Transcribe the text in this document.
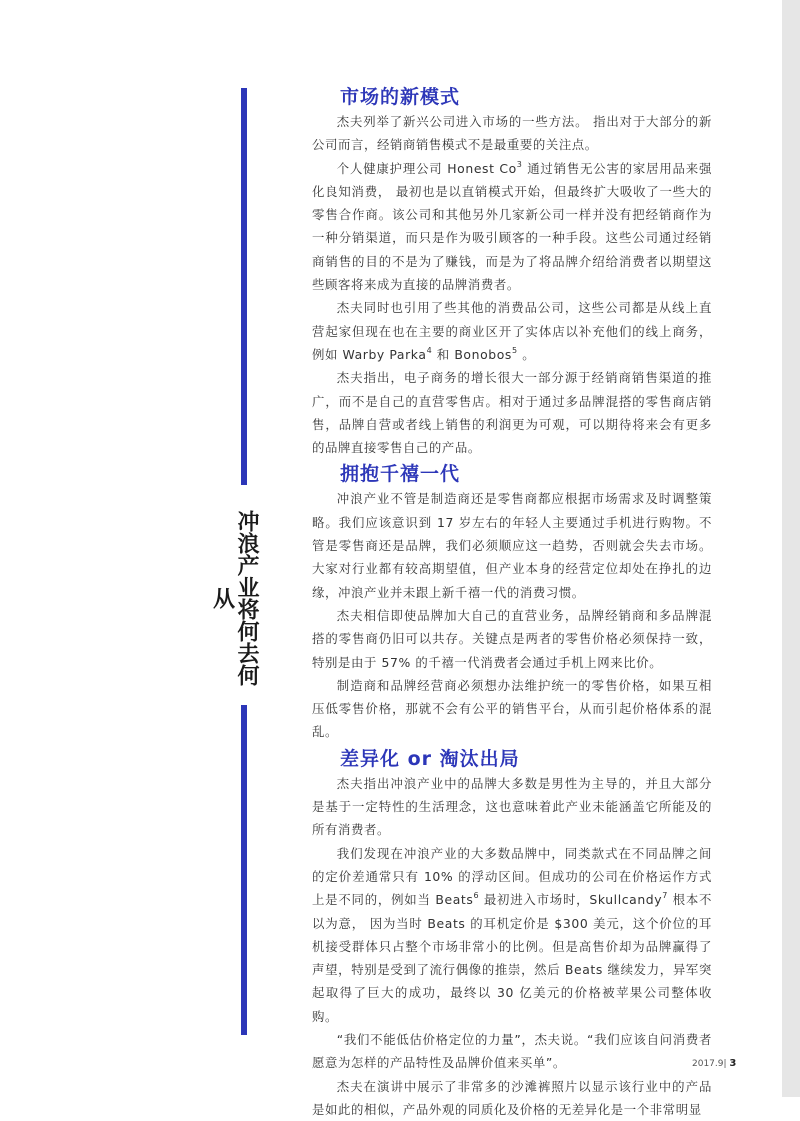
冲浪产业将何去何从
市场的新模式

杰夫列举了新兴公司进入市场的一些方法。 指出对于大部分的新公司而言，经销商销售模式不是最重要的关注点。

个人健康护理公司 Honest Co$^3$ 通过销售无公害的家居用品来强化良知消费， 最初也是以直销模式开始，但最终扩大吸收了一些大的零售合作商。该公司和其他另外几家新公司一样并没有把经销商作为一种分销渠道，而只是作为吸引顾客的一种手段。这些公司通过经销商销售的目的不是为了赚钱，而是为了将品牌介绍给消费者以期望这些顾客将来成为直接的品牌消费者。

杰夫同时也引用了些其他的消费品公司，这些公司都是从线上直营起家但现在也在主要的商业区开了实体店以补充他们的线上商务，例如 Warby Parka$^4$ 和 Bonobos$^5$ 。

杰夫指出，电子商务的增长很大一部分源于经销商销售渠道的推广，而不是自己的直营零售店。相对于通过多品牌混搭的零售商店销售，品牌自营或者线上销售的利润更为可观，可以期待将来会有更多的品牌直接零售自己的产品。

拥抱千禧一代

冲浪产业不管是制造商还是零售商都应根据市场需求及时调整策略。我们应该意识到 17 岁左右的年轻人主要通过手机进行购物。不管是零售商还是品牌，我们必须顺应这一趋势，否则就会失去市场。大家对行业都有较高期望值，但产业本身的经营定位却处在挣扎的边缘，冲浪产业并未跟上新千禧一代的消费习惯。

杰夫相信即使品牌加大自己的直营业务，品牌经销商和多品牌混搭的零售商仍旧可以共存。关键点是两者的零售价格必须保持一致，特别是由于 57% 的千禧一代消费者会通过手机上网来比价。

制造商和品牌经营商必须想办法维护统一的零售价格，如果互相压低零售价格，那就不会有公平的销售平台，从而引起价格体系的混乱。

差异化 or 淘汰出局

杰夫指出冲浪产业中的品牌大多数是男性为主导的，并且大部分是基于一定特性的生活理念，这也意味着此产业未能涵盖它所能及的所有消费者。

我们发现在冲浪产业的大多数品牌中，同类款式在不同品牌之间的定价差通常只有 10% 的浮动区间。但成功的公司在价格运作方式上是不同的，例如当 Beats$^6$ 最初进入市场时，Skullcandy$^7$ 根本不以为意， 因为当时 Beats 的耳机定价是 $300 美元，这个价位的耳机接受群体只占整个市场非常小的比例。但是高售价却为品牌赢得了声望，特别是受到了流行偶像的推崇，然后 Beats 继续发力，异军突起取得了巨大的成功，最终以 30 亿美元的价格被苹果公司整体收购。

“我们不能低估价格定位的力量”，杰夫说。“我们应该自问消费者愿意为怎样的产品特性及品牌价值来买单”。

杰夫在演讲中展示了非常多的沙滩裤照片以显示该行业中的产品是如此的相似，产品外观的同质化及价格的无差异化是一个非常明显

2017.9| 3
